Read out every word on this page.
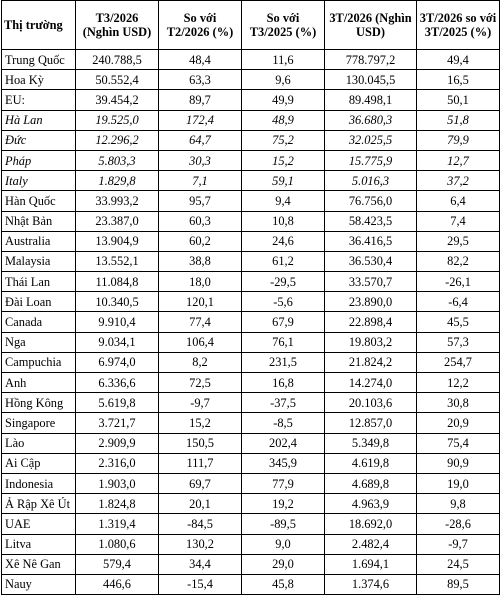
Thị trường	T3/2026 (Nghìn USD)	So với T2/2026 (%)	So với T3/2025 (%)	3T/2026 (Nghìn USD)	3T/2026 so với 3T/2025 (%)
Trung Quốc	240.788,5	48,4	11,6	778.797,2	49,4
Hoa Kỳ	50.552,4	63,3	9,6	130.045,5	16,5
EU:	39.454,2	89,7	49,9	89.498,1	50,1
Hà Lan	19.525,0	172,4	48,9	36.680,3	51,8
Đức	12.296,2	64,7	75,2	32.025,5	79,9
Pháp	5.803,3	30,3	15,2	15.775,9	12,7
Italy	1.829,8	7,1	59,1	5.016,3	37,2
Hàn Quốc	33.993,2	95,7	9,4	76.756,0	6,4
Nhật Bản	23.387,0	60,3	10,8	58.423,5	7,4
Australia	13.904,9	60,2	24,6	36.416,5	29,5
Malaysia	13.552,1	38,8	61,2	36.530,4	82,2
Thái Lan	11.084,8	18,0	-29,5	33.570,7	-26,1
Đài Loan	10.340,5	120,1	-5,6	23.890,0	-6,4
Canada	9.910,4	77,4	67,9	22.898,4	45,5
Nga	9.034,1	106,4	76,1	19.803,2	57,3
Campuchia	6.974,0	8,2	231,5	21.824,2	254,7
Anh	6.336,6	72,5	16,8	14.274,0	12,2
Hồng Kông	5.619,8	-9,7	-37,5	20.103,6	30,8
Singapore	3.721,7	15,2	-8,5	12.857,0	20,9
Lào	2.909,9	150,5	202,4	5.349,8	75,4
Ai Cập	2.316,0	111,7	345,9	4.619,8	90,9
Indonesia	1.903,0	69,7	77,9	4.689,8	19,0
Ả Rập Xê Út	1.824,8	20,1	19,2	4.963,9	9,8
UAE	1.319,4	-84,5	-89,5	18.692,0	-28,6
Litva	1.080,6	130,2	9,0	2.482,4	-9,7
Xê Nê Gan	579,4	34,4	29,0	1.694,1	24,5
Nauy	446,6	-15,4	45,8	1.374,6	89,5
